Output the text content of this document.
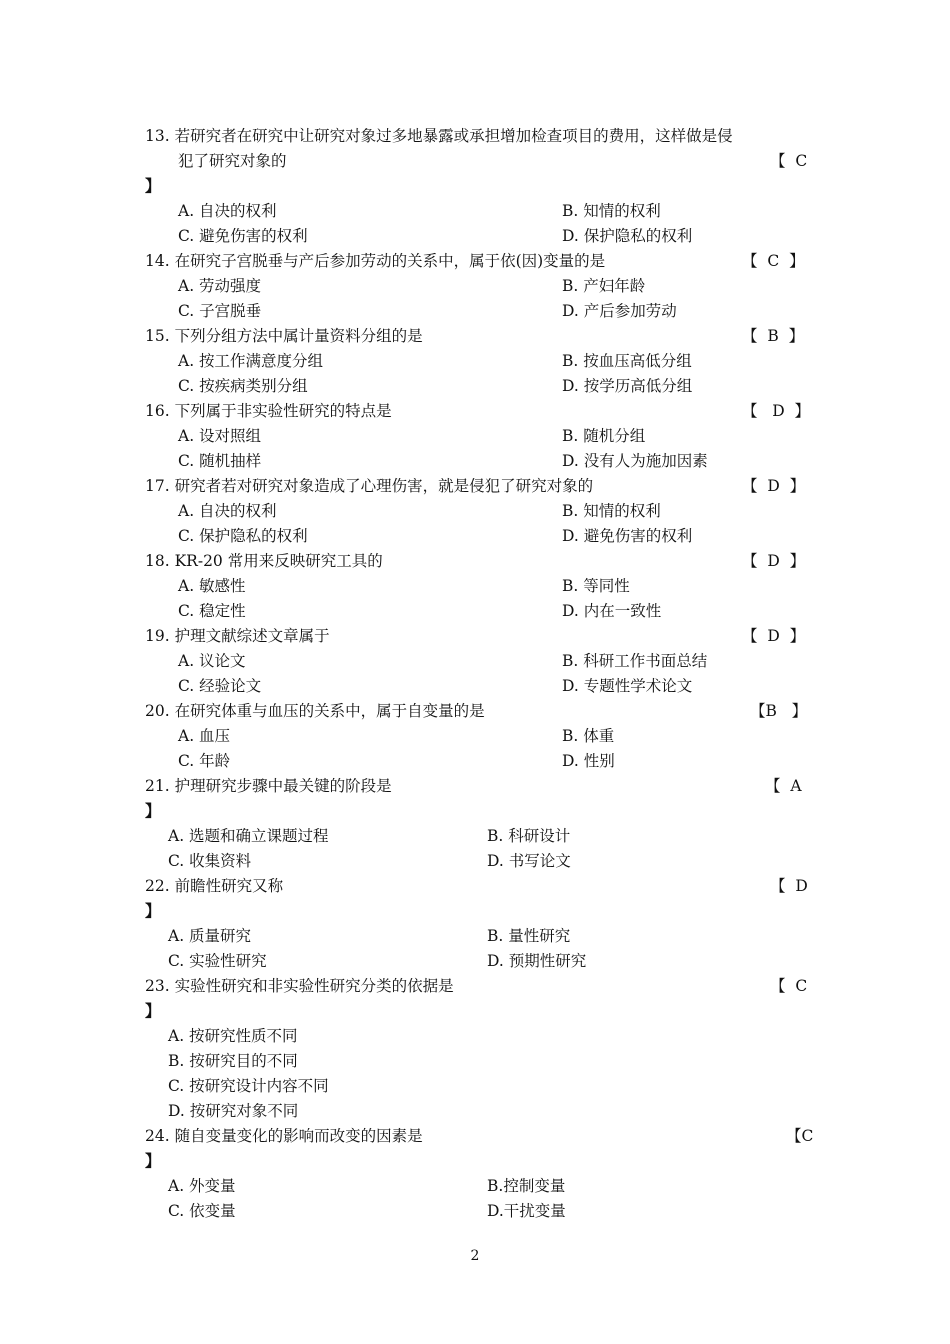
13. 若研究者在研究中让研究对象过多地暴露或承担增加检查项目的费用，这样做是侵
犯了研究对象的	【  C
】
A. 自决的权利	B. 知情的权利
C. 避免伤害的权利	D. 保护隐私的权利
14. 在研究子宫脱垂与产后参加劳动的关系中，属于依(因)变量的是	【  C  】
A. 劳动强度	B. 产妇年龄
C. 子宫脱垂	D. 产后参加劳动
15. 下列分组方法中属计量资料分组的是	【  B  】
A. 按工作满意度分组	B. 按血压高低分组
C. 按疾病类别分组	D. 按学历高低分组
16. 下列属于非实验性研究的特点是	【   D  】
A. 设对照组	B. 随机分组
C. 随机抽样	D. 没有人为施加因素
17. 研究者若对研究对象造成了心理伤害，就是侵犯了研究对象的	【  D  】
A. 自决的权利	B. 知情的权利
C. 保护隐私的权利	D. 避免伤害的权利
18. KR-20 常用来反映研究工具的	【  D  】
A. 敏感性	B. 等同性
C. 稳定性	D. 内在一致性
19. 护理文献综述文章属于	【  D  】
A. 议论文	B. 科研工作书面总结
C. 经验论文	D. 专题性学术论文
20. 在研究体重与血压的关系中，属于自变量的是	【B   】
A. 血压	B. 体重
C. 年龄	D. 性别
21. 护理研究步骤中最关键的阶段是	【  A
】
A. 选题和确立课题过程	B. 科研设计
C. 收集资料	D. 书写论文
22. 前瞻性研究又称	【  D
】
A. 质量研究	B. 量性研究
C. 实验性研究	D. 预期性研究
23. 实验性研究和非实验性研究分类的依据是	【  C
】
A. 按研究性质不同
B. 按研究目的不同
C. 按研究设计内容不同
D. 按研究对象不同
24. 随自变量变化的影响而改变的因素是	【C
】
A. 外变量	B.控制变量
C. 依变量	D.干扰变量
2
